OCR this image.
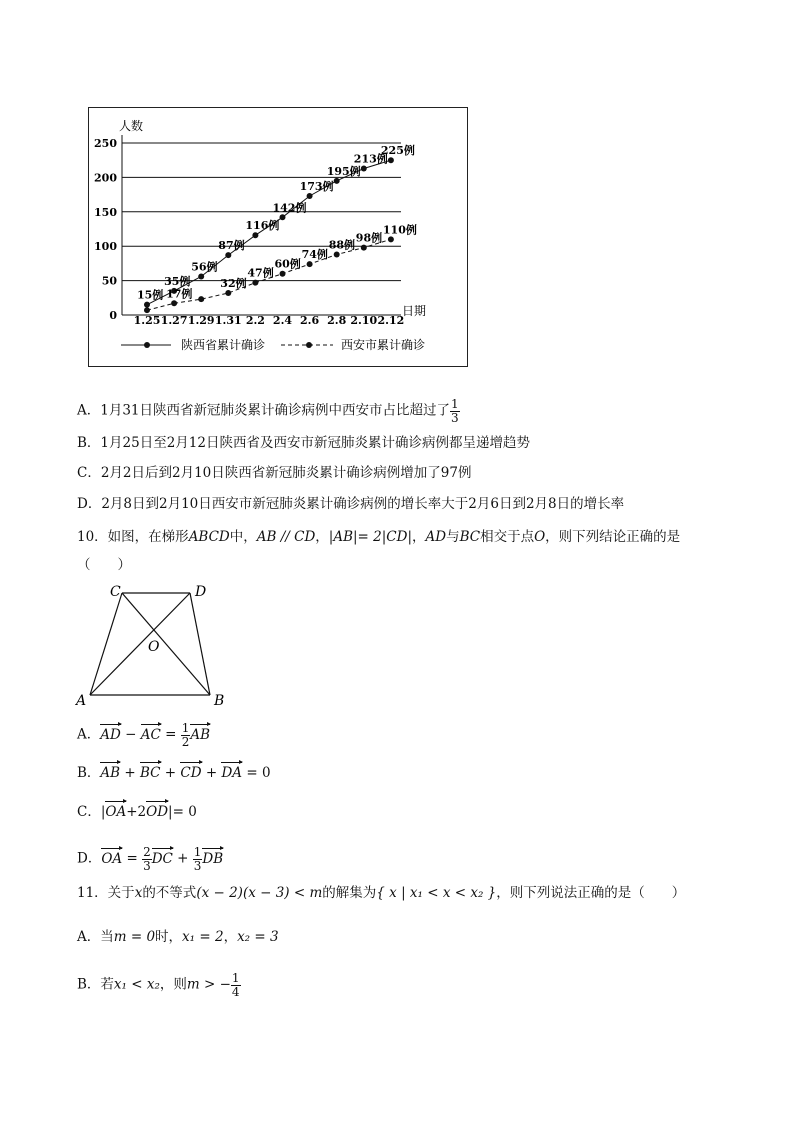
250
200
150
100
50
0
人数
日期
1.25 1.27 1.29 1.31 2.2 2.4 2.6 2.8 2.10 2.12
15例
35例
56例
87例
116例
142例
173例
195例
213例
225例
17例
32例
47例
60例
74例
88例
98例
110例
陕西省累计确诊	西安市累计确诊
A．1月31日陕西省新冠肺炎累计确诊病例中西安市占比超过了 $\frac{1}{3}$
B．1月25日至2月12日陕西省及西安市新冠肺炎累计确诊病例都呈递增趋势
C．2月2日后到2月10日陕西省新冠肺炎累计确诊病例增加了97例
D．2月8日到2月10日西安市新冠肺炎累计确诊病例的增长率大于2月6日到2月8日的增长率
10．如图，在梯形ABCD中，AB // CD，|AB|= 2|CD|，AD与BC相交于点O，则下列结论正确的是
（　　）
C	D
O
A	B
A．AD − AC = $\frac{1}{2}$ AB
B．AB + BC + CD + DA = 0
C．|OA+2OD|= 0
D．OA = $\frac{2}{3}$ DC + $\frac{1}{3}$ DB
11．关于x的不等式(x − 2)(x − 3) < m的解集为{ x | x₁ < x < x₂ }，则下列说法正确的是（　　）
A．当m = 0时，x₁ = 2，x₂ = 3
B．若x₁ < x₂，则m > − $\frac{1}{4}$
